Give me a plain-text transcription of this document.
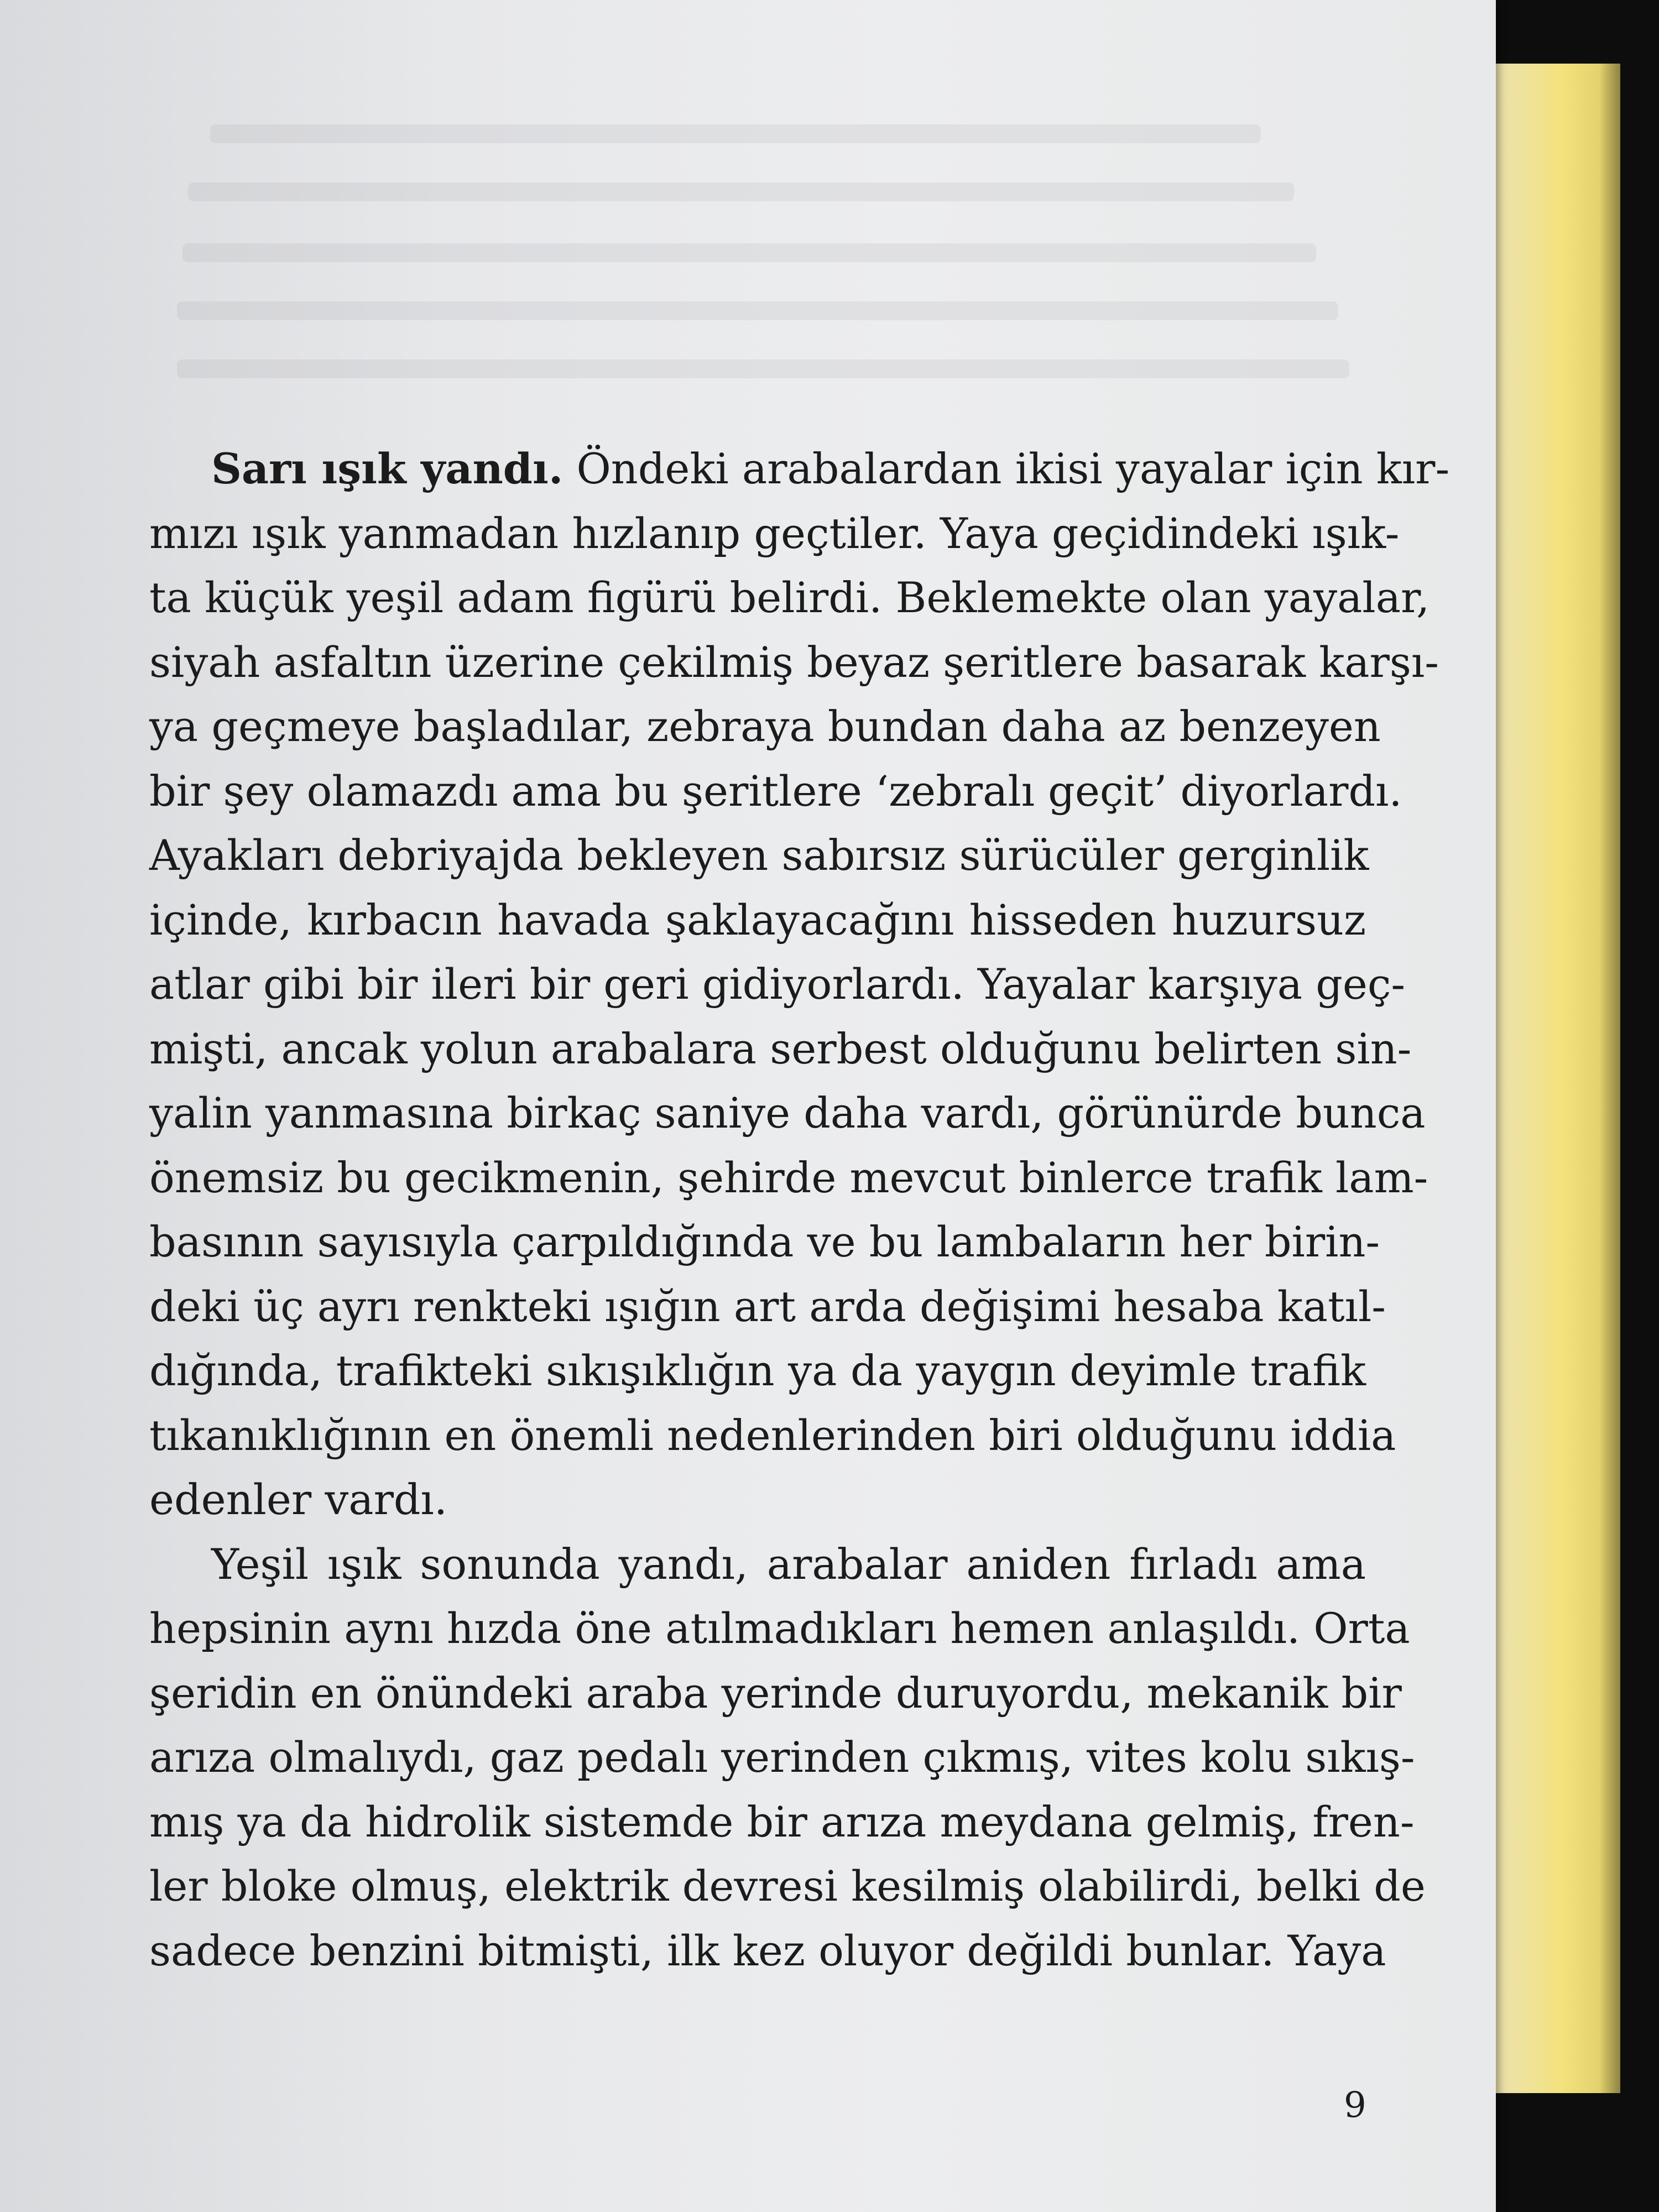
Sarı ışık yandı. Öndeki arabalardan ikisi yayalar için kır-
mızı ışık yanmadan hızlanıp geçtiler. Yaya geçidindeki ışık-
ta küçük yeşil adam figürü belirdi. Beklemekte olan yayalar,
siyah asfaltın üzerine çekilmiş beyaz şeritlere basarak karşı-
ya geçmeye başladılar, zebraya bundan daha az benzeyen
bir şey olamazdı ama bu şeritlere ‘zebralı geçit’ diyorlardı.
Ayakları debriyajda bekleyen sabırsız sürücüler gerginlik
içinde, kırbacın havada şaklayacağını hisseden huzursuz
atlar gibi bir ileri bir geri gidiyorlardı. Yayalar karşıya geç-
mişti, ancak yolun arabalara serbest olduğunu belirten sin-
yalin yanmasına birkaç saniye daha vardı, görünürde bunca
önemsiz bu gecikmenin, şehirde mevcut binlerce trafik lam-
basının sayısıyla çarpıldığında ve bu lambaların her birin-
deki üç ayrı renkteki ışığın art arda değişimi hesaba katıl-
dığında, trafikteki sıkışıklığın ya da yaygın deyimle trafik
tıkanıklığının en önemli nedenlerinden biri olduğunu iddia
edenler vardı.
Yeşil ışık sonunda yandı, arabalar aniden fırladı ama
hepsinin aynı hızda öne atılmadıkları hemen anlaşıldı. Orta
şeridin en önündeki araba yerinde duruyordu, mekanik bir
arıza olmalıydı, gaz pedalı yerinden çıkmış, vites kolu sıkış-
mış ya da hidrolik sistemde bir arıza meydana gelmiş, fren-
ler bloke olmuş, elektrik devresi kesilmiş olabilirdi, belki de
sadece benzini bitmişti, ilk kez oluyor değildi bunlar. Yaya
9
